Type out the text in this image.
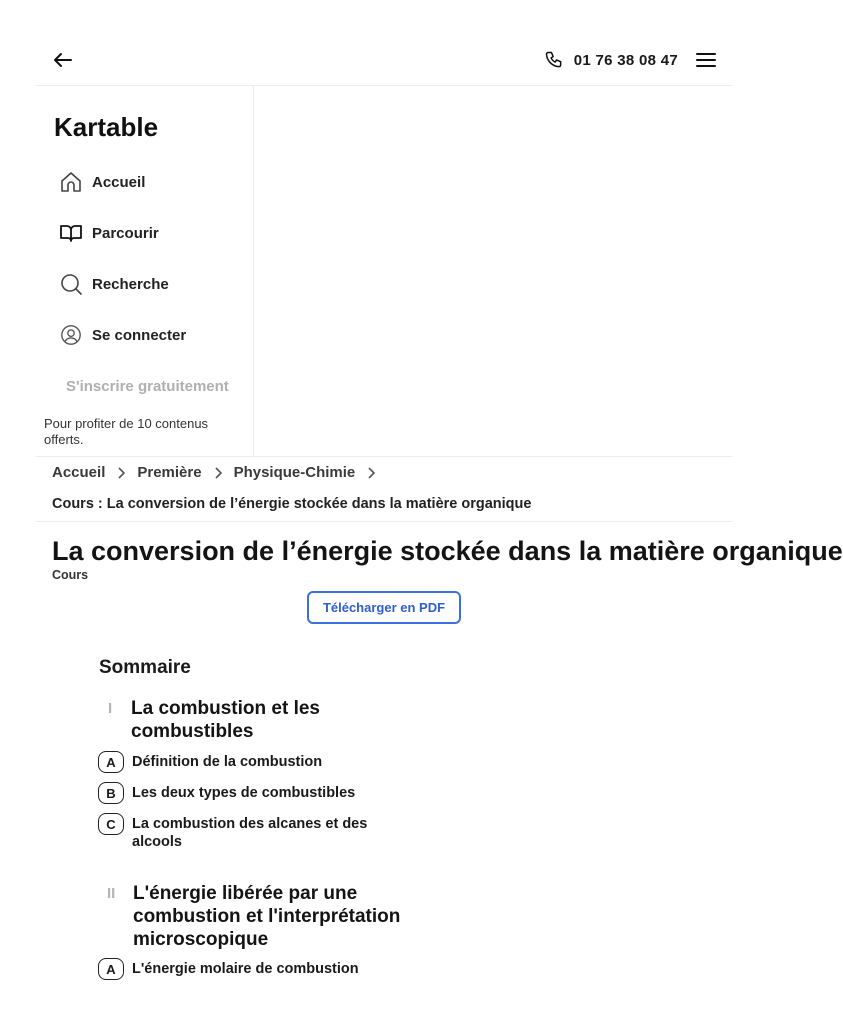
01 76 38 08 47
Kartable
Accueil
Parcourir
Recherche
Se connecter
S'inscrire gratuitement
Pour profiter de 10 contenus offerts.
Accueil Première Physique-Chimie
Cours : La conversion de l’énergie stockée dans la matière organique
La conversion de l’énergie stockée dans la matière organique
Cours
Télécharger en PDF
Sommaire
I La combustion et les combustibles
A	Définition de la combustion
B	Les deux types de combustibles
C	La combustion des alcanes et des alcools
II L'énergie libérée par une combustion et l'interprétation microscopique
A	L'énergie molaire de combustion
